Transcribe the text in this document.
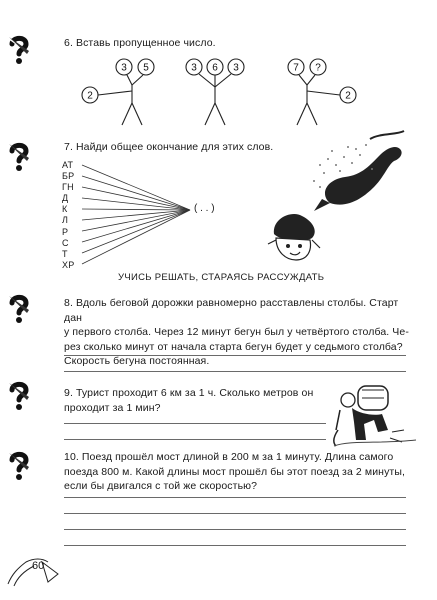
6. Вставь пропущенное число.
3 5
2
3 6 3	7 ?
2
7. Найди общее окончание для этих слов.
АТ
БР
ГН
Д
К
Л
Р
С
Т
ХР
( . . )
УЧИСЬ РЕШАТЬ, СТАРАЯСЬ РАССУЖДАТЬ
8. Вдоль беговой дорожки равномерно расставлены столбы. Старт дан
у первого столба. Через 12 минут бегун был у четвёртого столба. Че-
рез сколько минут от начала старта бегун будет у седьмого столба?
Скорость бегуна постоянная.
9. Турист проходит 6 км за 1 ч. Сколько метров он
проходит за 1 мин?
10. Поезд прошёл мост длиной в 200 м за 1 минуту. Длина самого
поезда 800 м. Какой длины мост прошёл бы этот поезд за 2 минуты,
если бы двигался с той же скоростью?
60
